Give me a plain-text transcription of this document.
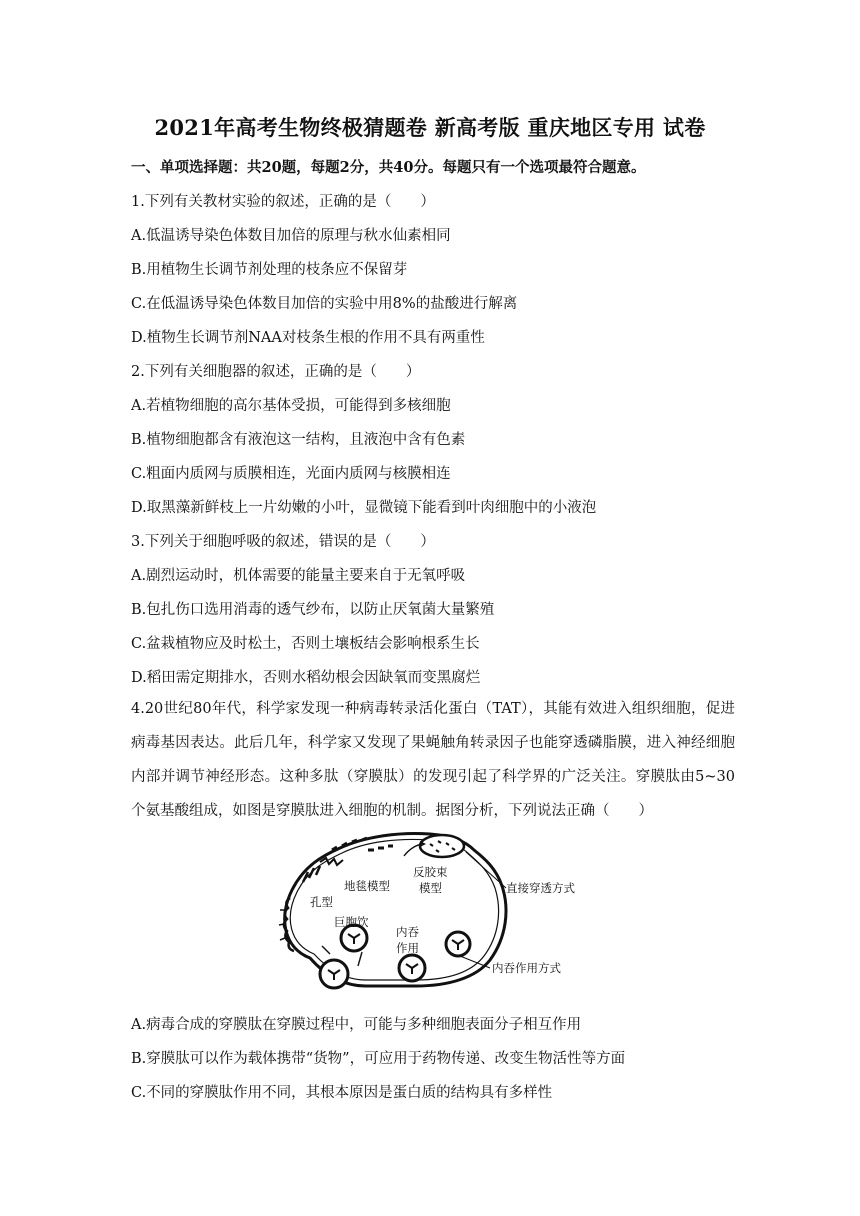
2021年高考生物终极猜题卷 新高考版 重庆地区专用 试卷
一、单项选择题：共20题，每题2分，共40分。每题只有一个选项最符合题意。
1.下列有关教材实验的叙述，正确的是（　　）
A.低温诱导染色体数目加倍的原理与秋水仙素相同
B.用植物生长调节剂处理的枝条应不保留芽
C.在低温诱导染色体数目加倍的实验中用8%的盐酸进行解离
D.植物生长调节剂NAA对枝条生根的作用不具有两重性
2.下列有关细胞器的叙述，正确的是（　　）
A.若植物细胞的高尔基体受损，可能得到多核细胞
B.植物细胞都含有液泡这一结构，且液泡中含有色素
C.粗面内质网与质膜相连，光面内质网与核膜相连
D.取黑藻新鲜枝上一片幼嫩的小叶，显微镜下能看到叶肉细胞中的小液泡
3.下列关于细胞呼吸的叙述，错误的是（　　）
A.剧烈运动时，机体需要的能量主要来自于无氧呼吸
B.包扎伤口选用消毒的透气纱布，以防止厌氧菌大量繁殖
C.盆栽植物应及时松土，否则土壤板结会影响根系生长
D.稻田需定期排水，否则水稻幼根会因缺氧而变黑腐烂
4.20世纪80年代，科学家发现一种病毒转录活化蛋白（TAT），其能有效进入组织细胞，促进病毒基因表达。此后几年，科学家又发现了果蝇触角转录因子也能穿透磷脂膜，进入神经细胞内部并调节神经形态。这种多肽（穿膜肽）的发现引起了科学界的广泛关注。穿膜肽由5~30个氨基酸组成，如图是穿膜肽进入细胞的机制。据图分析，下列说法正确（　　）
地毯模型
反胶束
模型
孔型
巨胞饮
内吞
作用
直接穿透方式
内吞作用方式
A.病毒合成的穿膜肽在穿膜过程中，可能与多种细胞表面分子相互作用
B.穿膜肽可以作为载体携带“货物”，可应用于药物传递、改变生物活性等方面
C.不同的穿膜肽作用不同，其根本原因是蛋白质的结构具有多样性
